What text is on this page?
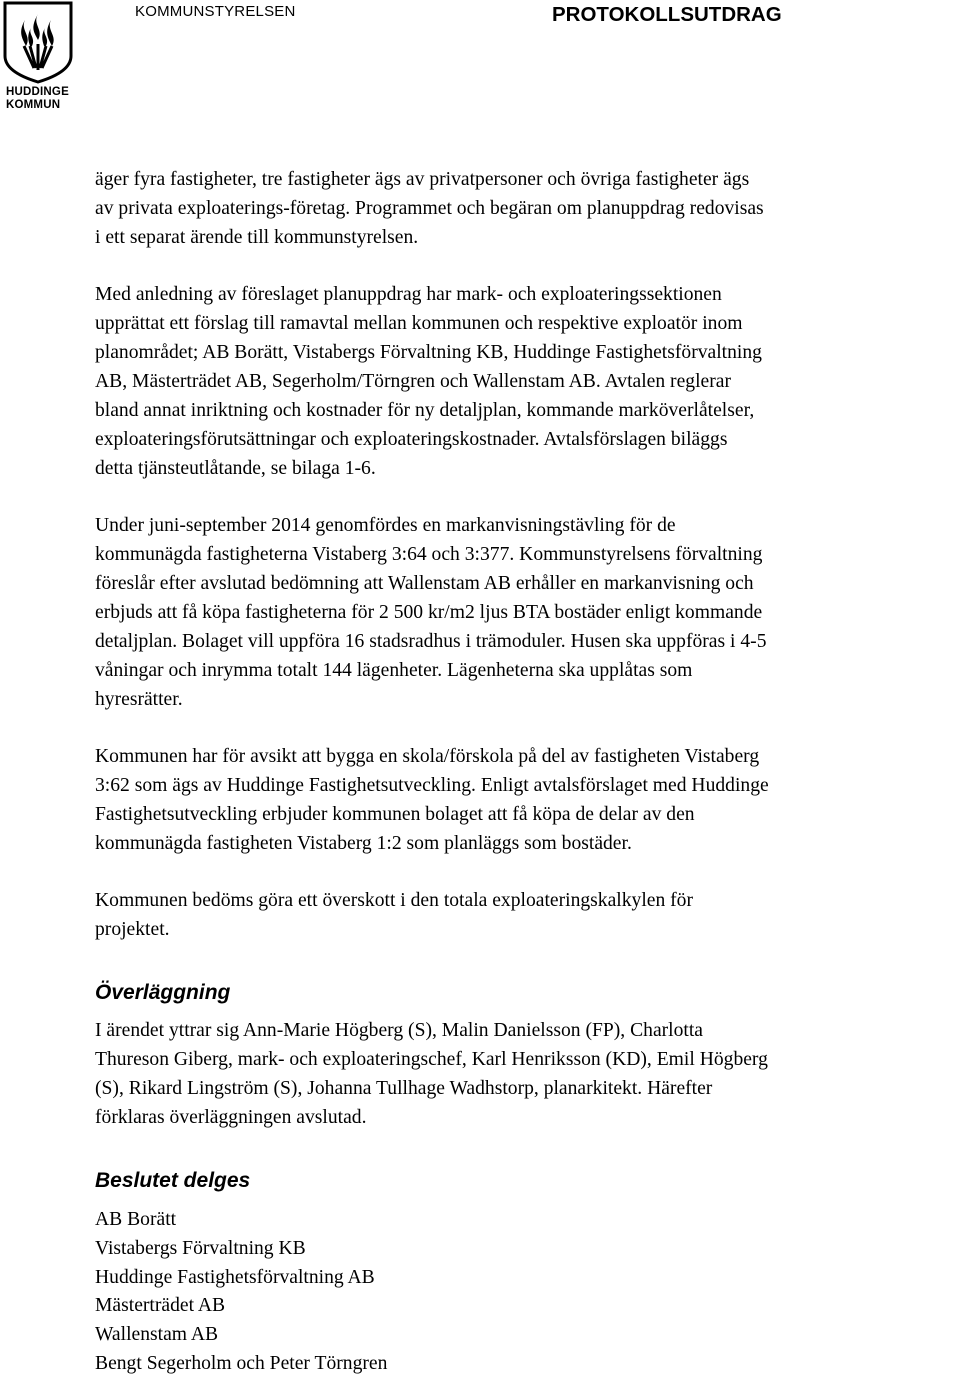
HUDDINGE
KOMMUN
KOMMUNSTYRELSEN	PROTOKOLLSUTDRAG

äger fyra fastigheter, tre fastigheter ägs av privatpersoner och övriga fastigheter ägs
av privata exploaterings-företag. Programmet och begäran om planuppdrag redovisas
i ett separat ärende till kommunstyrelsen.

Med anledning av föreslaget planuppdrag har mark- och exploateringssektionen
upprättat ett förslag till ramavtal mellan kommunen och respektive exploatör inom
planområdet; AB Borätt, Vistabergs Förvaltning KB, Huddinge Fastighetsförvaltning
AB, Mästerträdet AB, Segerholm/Törngren och Wallenstam AB. Avtalen reglerar
bland annat inriktning och kostnader för ny detaljplan, kommande marköverlåtelser,
exploateringsförutsättningar och exploateringskostnader. Avtalsförslagen biläggs
detta tjänsteutlåtande, se bilaga 1-6.

Under juni-september 2014 genomfördes en markanvisningstävling för de
kommunägda fastigheterna Vistaberg 3:64 och 3:377. Kommunstyrelsens förvaltning
föreslår efter avslutad bedömning att Wallenstam AB erhåller en markanvisning och
erbjuds att få köpa fastigheterna för 2 500 kr/m2 ljus BTA bostäder enligt kommande
detaljplan. Bolaget vill uppföra 16 stadsradhus i trämoduler. Husen ska uppföras i 4-5
våningar och inrymma totalt 144 lägenheter. Lägenheterna ska upplåtas som
hyresrätter.

Kommunen har för avsikt att bygga en skola/förskola på del av fastigheten Vistaberg
3:62 som ägs av Huddinge Fastighetsutveckling. Enligt avtalsförslaget med Huddinge
Fastighetsutveckling erbjuder kommunen bolaget att få köpa de delar av den
kommunägda fastigheten Vistaberg 1:2 som planläggs som bostäder.

Kommunen bedöms göra ett överskott i den totala exploateringskalkylen för
projektet.

Överläggning

I ärendet yttrar sig Ann-Marie Högberg (S), Malin Danielsson (FP), Charlotta
Thureson Giberg, mark- och exploateringschef, Karl Henriksson (KD), Emil Högberg
(S), Rikard Lingström (S), Johanna Tullhage Wadhstorp, planarkitekt. Härefter
förklaras överläggningen avslutad.

Beslutet delges
AB Borätt
Vistabergs Förvaltning KB
Huddinge Fastighetsförvaltning AB
Mästerträdet AB
Wallenstam AB
Bengt Segerholm och Peter Törngren
